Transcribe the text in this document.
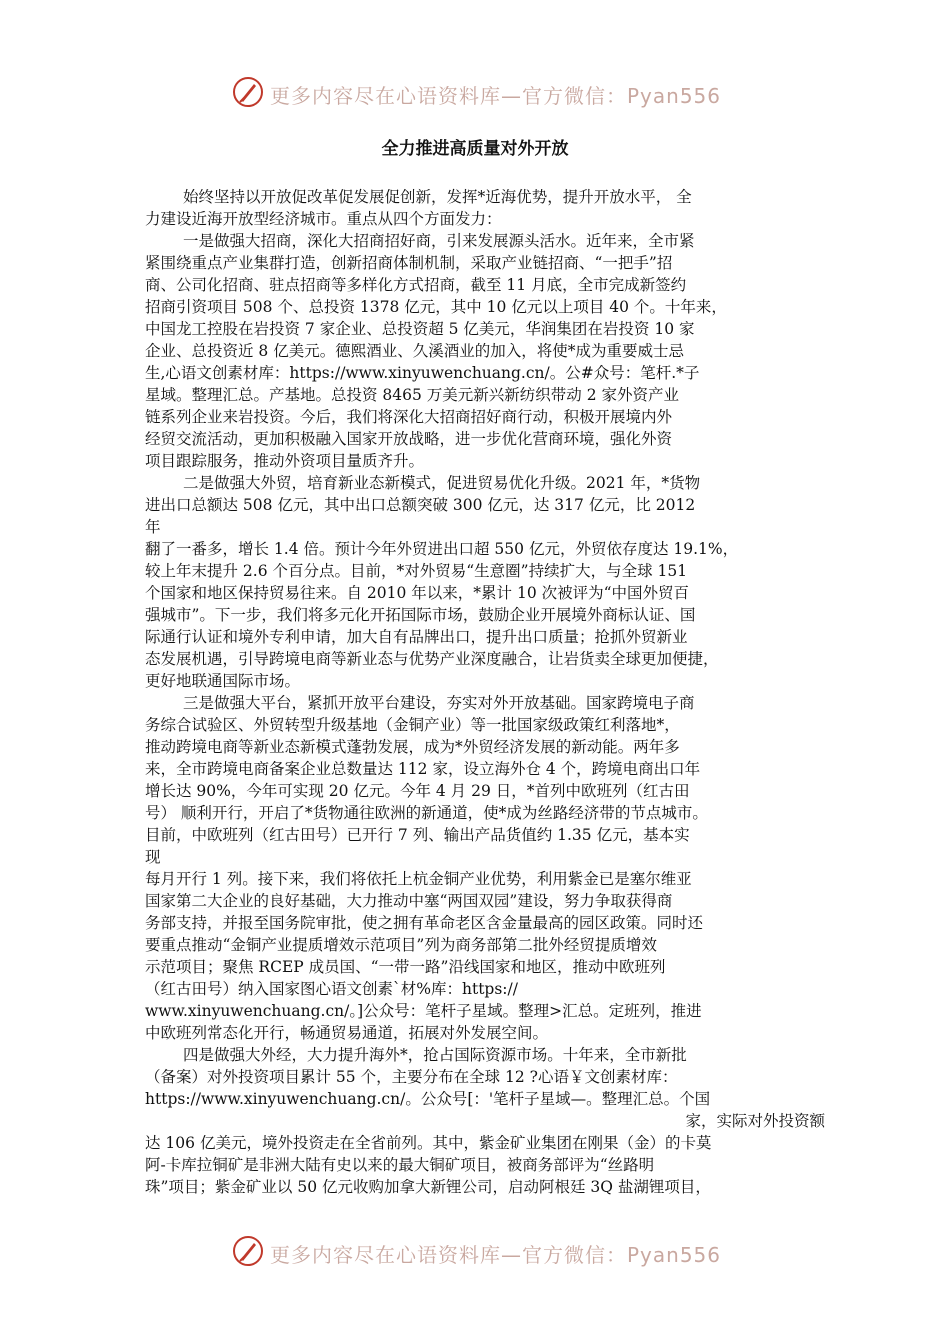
更多内容尽在心语资料库—官方微信：Pyan556
全力推进高质量对外开放
始终坚持以开放促改革促发展促创新，发挥*近海优势，提升开放水平， 全
力建设近海开放型经济城市。重点从四个方面发力：
一是做强大招商，深化大招商招好商，引来发展源头活水。近年来，全市紧
紧围绕重点产业集群打造，创新招商体制机制，采取产业链招商、“一把手”招
商、公司化招商、驻点招商等多样化方式招商，截至 11 月底，全市完成新签约
招商引资项目 508 个、总投资 1378 亿元，其中 10 亿元以上项目 40 个。十年来，
中国龙工控股在岩投资 7 家企业、总投资超 5 亿美元，华润集团在岩投资 10 家
企业、总投资近 8 亿美元。德熙酒业、久溪酒业的加入，将使*成为重要威士忌
生,心语文创素材库：https://www.xinyuwenchuang.cn/。公#众号：笔杆.*子
星域。整理汇总。产基地。总投资 8465 万美元新兴新纺织带动 2 家外资产业
链系列企业来岩投资。今后，我们将深化大招商招好商行动，积极开展境内外
经贸交流活动，更加积极融入国家开放战略，进一步优化营商环境，强化外资
项目跟踪服务，推动外资项目量质齐升。
二是做强大外贸，培育新业态新模式，促进贸易优化升级。2021 年，*货物
进出口总额达 508 亿元，其中出口总额突破 300 亿元，达 317 亿元，比 2012
年
翻了一番多，增长 1.4 倍。预计今年外贸进出口超 550 亿元，外贸依存度达 19.1%，
较上年末提升 2.6 个百分点。目前，*对外贸易“生意圈”持续扩大，与全球 151
个国家和地区保持贸易往来。自 2010 年以来，*累计 10 次被评为“中国外贸百
强城市”。下一步，我们将多元化开拓国际市场，鼓励企业开展境外商标认证、国
际通行认证和境外专利申请，加大自有品牌出口，提升出口质量；抢抓外贸新业
态发展机遇，引导跨境电商等新业态与优势产业深度融合，让岩货卖全球更加便捷，
更好地联通国际市场。
三是做强大平台，紧抓开放平台建设，夯实对外开放基础。国家跨境电子商
务综合试验区、外贸转型升级基地（金铜产业）等一批国家级政策红利落地*，
推动跨境电商等新业态新模式蓬勃发展，成为*外贸经济发展的新动能。两年多
来，全市跨境电商备案企业总数量达 112 家，设立海外仓 4 个，跨境电商出口年
增长达 90%，今年可实现 20 亿元。今年 4 月 29 日，*首列中欧班列（红古田
号） 顺利开行，开启了*货物通往欧洲的新通道，使*成为丝路经济带的节点城市。
目前，中欧班列（红古田号）已开行 7 列、输出产品货值约 1.35 亿元，基本实
现
每月开行 1 列。接下来，我们将依托上杭金铜产业优势，利用紫金已是塞尔维亚
国家第二大企业的良好基础，大力推动中塞“两国双园”建设，努力争取获得商
务部支持，并报至国务院审批，使之拥有革命老区含金量最高的园区政策。同时还
要重点推动“金铜产业提质增效示范项目”列为商务部第二批外经贸提质增效
示范项目；聚焦 RCEP 成员国、“一带一路”沿线国家和地区，推动中欧班列
（红古田号）纳入国家图心语文创素`材%库：https://
www.xinyuwenchuang.cn/。]公众号：笔杆子星域。整理>汇总。定班列，推进
中欧班列常态化开行，畅通贸易通道，拓展对外发展空间。
四是做强大外经，大力提升海外*，抢占国际资源市场。十年来，全市新批
（备案）对外投资项目累计 55 个，主要分布在全球 12 ?心语￥文创素材库：
https://www.xinyuwenchuang.cn/。公众号[：'笔杆子星域—。整理汇总。个国
家，实际对外投资额
达 106 亿美元，境外投资走在全省前列。其中，紫金矿业集团在刚果（金）的卡莫
阿-卡库拉铜矿是非洲大陆有史以来的最大铜矿项目，被商务部评为“丝路明
珠”项目；紫金矿业以 50 亿元收购加拿大新锂公司，启动阿根廷 3Q 盐湖锂项目，
更多内容尽在心语资料库—官方微信：Pyan556
